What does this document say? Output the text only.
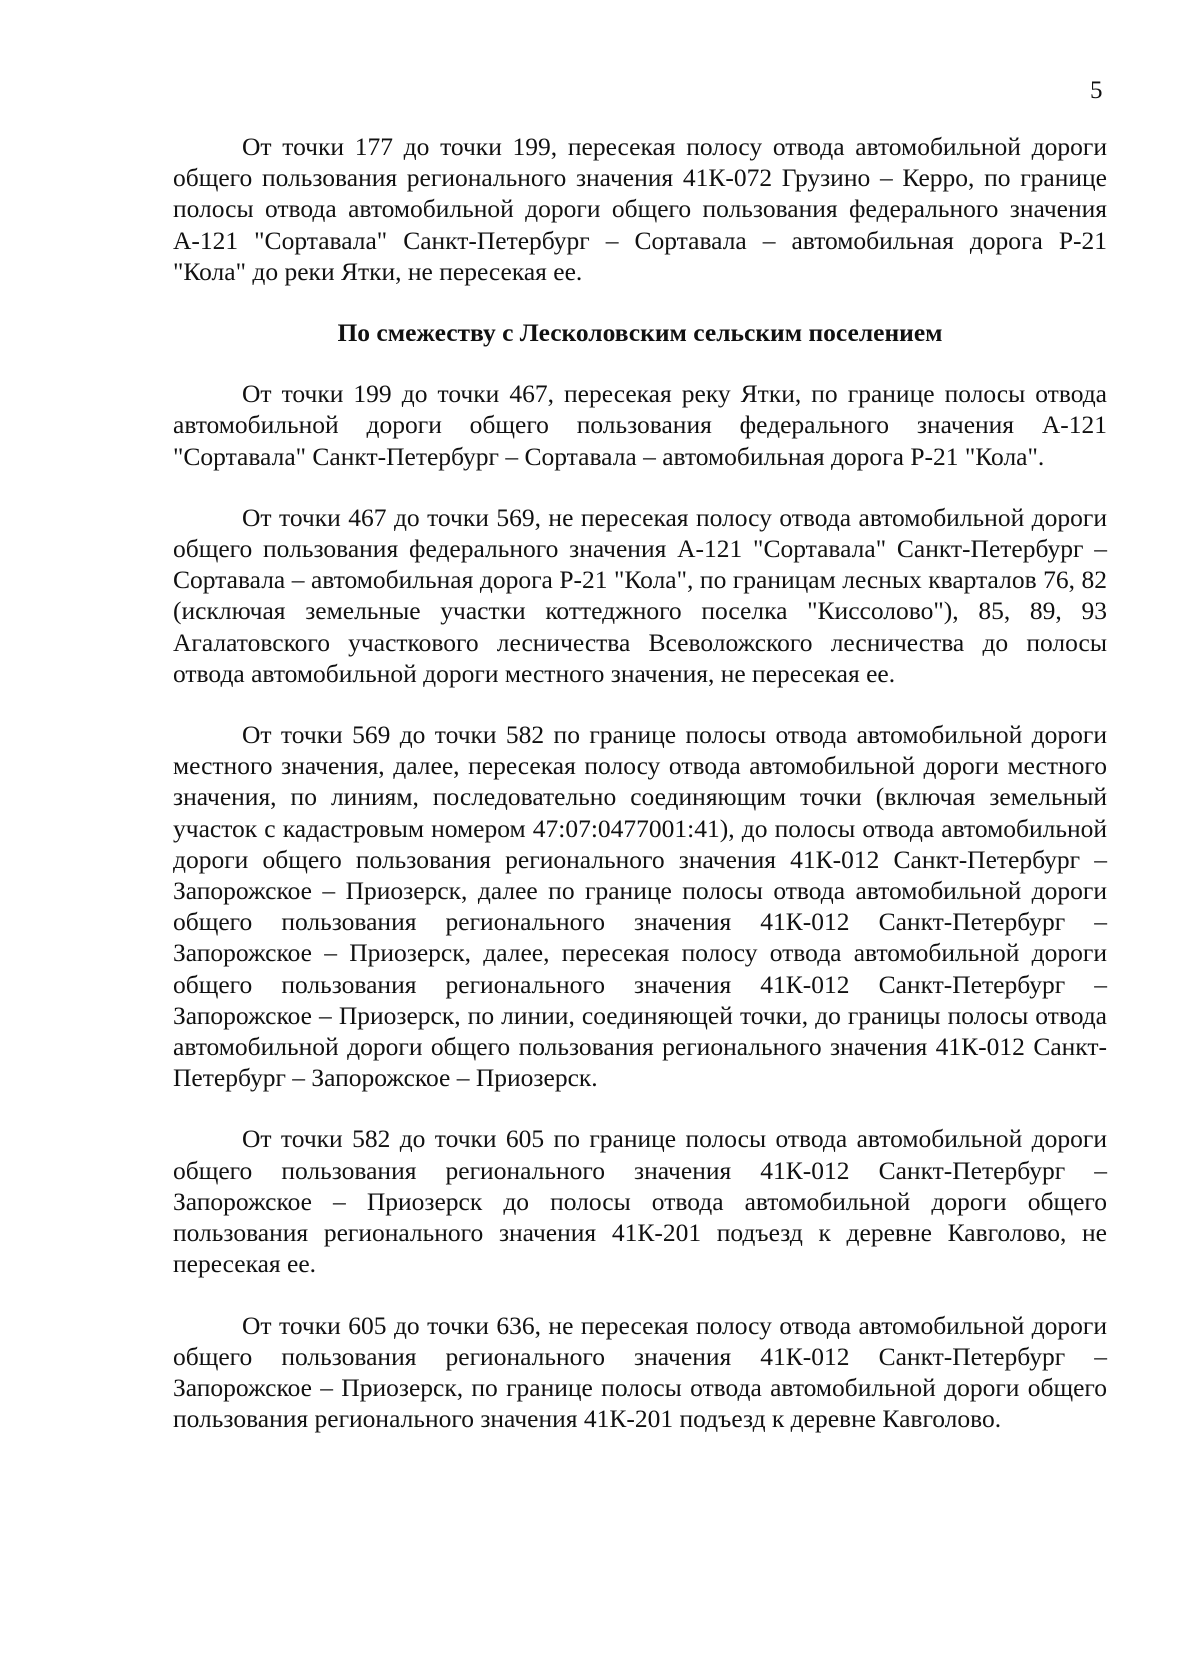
5

От точки 177 до точки 199, пересекая полосу отвода автомобильной дороги общего пользования регионального значения 41К-072 Грузино – Керро, по границе полосы отвода автомобильной дороги общего пользования федерального значения А-121 "Сортавала" Санкт-Петербург – Сортавала – автомобильная дорога Р-21 "Кола" до реки Ятки, не пересекая ее.

По смежеству с Лесколовским сельским поселением

От точки 199 до точки 467, пересекая реку Ятки, по границе полосы отвода автомобильной дороги общего пользования федерального значения А-121 "Сортавала" Санкт-Петербург – Сортавала – автомобильная дорога Р-21 "Кола".

От точки 467 до точки 569, не пересекая полосу отвода автомобильной дороги общего пользования федерального значения А-121 "Сортавала" Санкт-Петербург – Сортавала – автомобильная дорога Р-21 "Кола", по границам лесных кварталов 76, 82 (исключая земельные участки коттеджного поселка "Киссолово"), 85, 89, 93 Агалатовского участкового лесничества Всеволожского лесничества до полосы отвода автомобильной дороги местного значения, не пересекая ее.

От точки 569 до точки 582 по границе полосы отвода автомобильной дороги местного значения, далее, пересекая полосу отвода автомобильной дороги местного значения, по линиям, последовательно соединяющим точки (включая земельный участок с кадастровым номером 47:07:0477001:41), до полосы отвода автомобильной дороги общего пользования регионального значения 41К-012 Санкт-Петербург – Запорожское – Приозерск, далее по границе полосы отвода автомобильной дороги общего пользования регионального значения 41К-012 Санкт-Петербург – Запорожское – Приозерск, далее, пересекая полосу отвода автомобильной дороги общего пользования регионального значения 41К-012 Санкт-Петербург – Запорожское – Приозерск, по линии, соединяющей точки, до границы полосы отвода автомобильной дороги общего пользования регионального значения 41К-012 Санкт-Петербург – Запорожское – Приозерск.

От точки 582 до точки 605 по границе полосы отвода автомобильной дороги общего пользования регионального значения 41К-012 Санкт-Петербург – Запорожское – Приозерск до полосы отвода автомобильной дороги общего пользования регионального значения 41К-201 подъезд к деревне Кавголово, не пересекая ее.

От точки 605 до точки 636, не пересекая полосу отвода автомобильной дороги общего пользования регионального значения 41К-012 Санкт-Петербург – Запорожское – Приозерск, по границе полосы отвода автомобильной дороги общего пользования регионального значения 41К-201 подъезд к деревне Кавголово.
